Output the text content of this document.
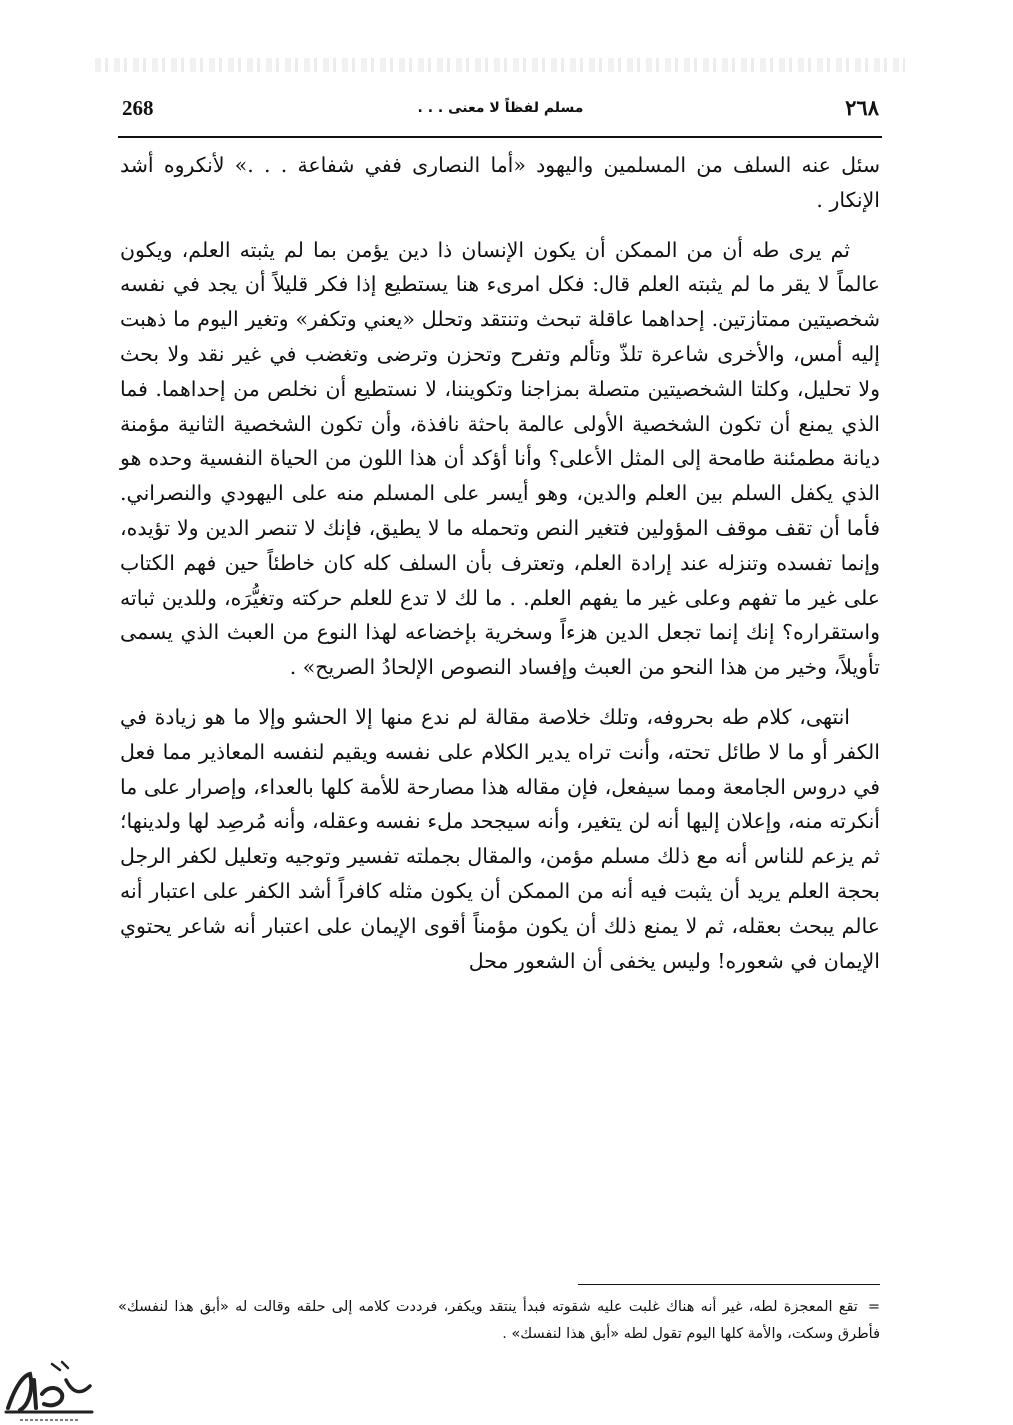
268	مسلم لفظاً لا معنى . . .	٢٦٨

سئل عنه السلف من المسلمين واليهود «أما النصارى ففي شفاعة . . .» لأنكروه أشد الإنكار .

ثم يرى طه أن من الممكن أن يكون الإنسان ذا دين يؤمن بما لم يثبته العلم، ويكون عالماً لا يقر ما لم يثبته العلم قال: فكل امرىء هنا يستطيع إذا فكر قليلاً أن يجد في نفسه شخصيتين ممتازتين. إحداهما عاقلة تبحث وتنتقد وتحلل «يعني وتكفر» وتغير اليوم ما ذهبت إليه أمس، والأخرى شاعرة تلذّ وتألم وتفرح وتحزن وترضى وتغضب في غير نقد ولا بحث ولا تحليل، وكلتا الشخصيتين متصلة بمزاجنا وتكويننا، لا نستطيع أن نخلص من إحداهما. فما الذي يمنع أن تكون الشخصية الأولى عالمة باحثة نافذة، وأن تكون الشخصية الثانية مؤمنة ديانة مطمئنة طامحة إلى المثل الأعلى؟ وأنا أؤكد أن هذا اللون من الحياة النفسية وحده هو الذي يكفل السلم بين العلم والدين، وهو أيسر على المسلم منه على اليهودي والنصراني. فأما أن تقف موقف المؤولين فتغير النص وتحمله ما لا يطيق، فإنك لا تنصر الدين ولا تؤيده، وإنما تفسده وتنزله عند إرادة العلم، وتعترف بأن السلف كله كان خاطئاً حين فهم الكتاب على غير ما تفهم وعلى غير ما يفهم العلم. . ما لك لا تدع للعلم حركته وتغيُّرَه، وللدين ثباته واستقراره؟ إنك إنما تجعل الدين هزءاً وسخرية بإخضاعه لهذا النوع من العبث الذي يسمى تأويلاً، وخير من هذا النحو من العبث وإفساد النصوص الإلحادُ الصريح» .

انتهى، كلام طه بحروفه، وتلك خلاصة مقالة لم ندع منها إلا الحشو وإلا ما هو زيادة في الكفر أو ما لا طائل تحته، وأنت تراه يدير الكلام على نفسه ويقيم لنفسه المعاذير مما فعل في دروس الجامعة ومما سيفعل، فإن مقاله هذا مصارحة للأمة كلها بالعداء، وإصرار على ما أنكرته منه، وإعلان إليها أنه لن يتغير، وأنه سيجحد ملء نفسه وعقله، وأنه مُرصِد لها ولدينها؛ ثم يزعم للناس أنه مع ذلك مسلم مؤمن، والمقال بجملته تفسير وتوجيه وتعليل لكفر الرجل بحجة العلم يريد أن يثبت فيه أنه من الممكن أن يكون مثله كافراً أشد الكفر على اعتبار أنه عالم يبحث بعقله، ثم لا يمنع ذلك أن يكون مؤمناً أقوى الإيمان على اعتبار أنه شاعر يحتوي الإيمان في شعوره! وليس يخفى أن الشعور محل

=تقع المعجزة لطه، غير أنه هناك غلبت عليه شقوته فبدأ ينتقد ويكفر، فرددت كلامه إلى حلقه وقالت له «أبق هذا لنفسك» فأطرق وسكت، والأمة كلها اليوم تقول لطه «أبق هذا لنفسك» .
